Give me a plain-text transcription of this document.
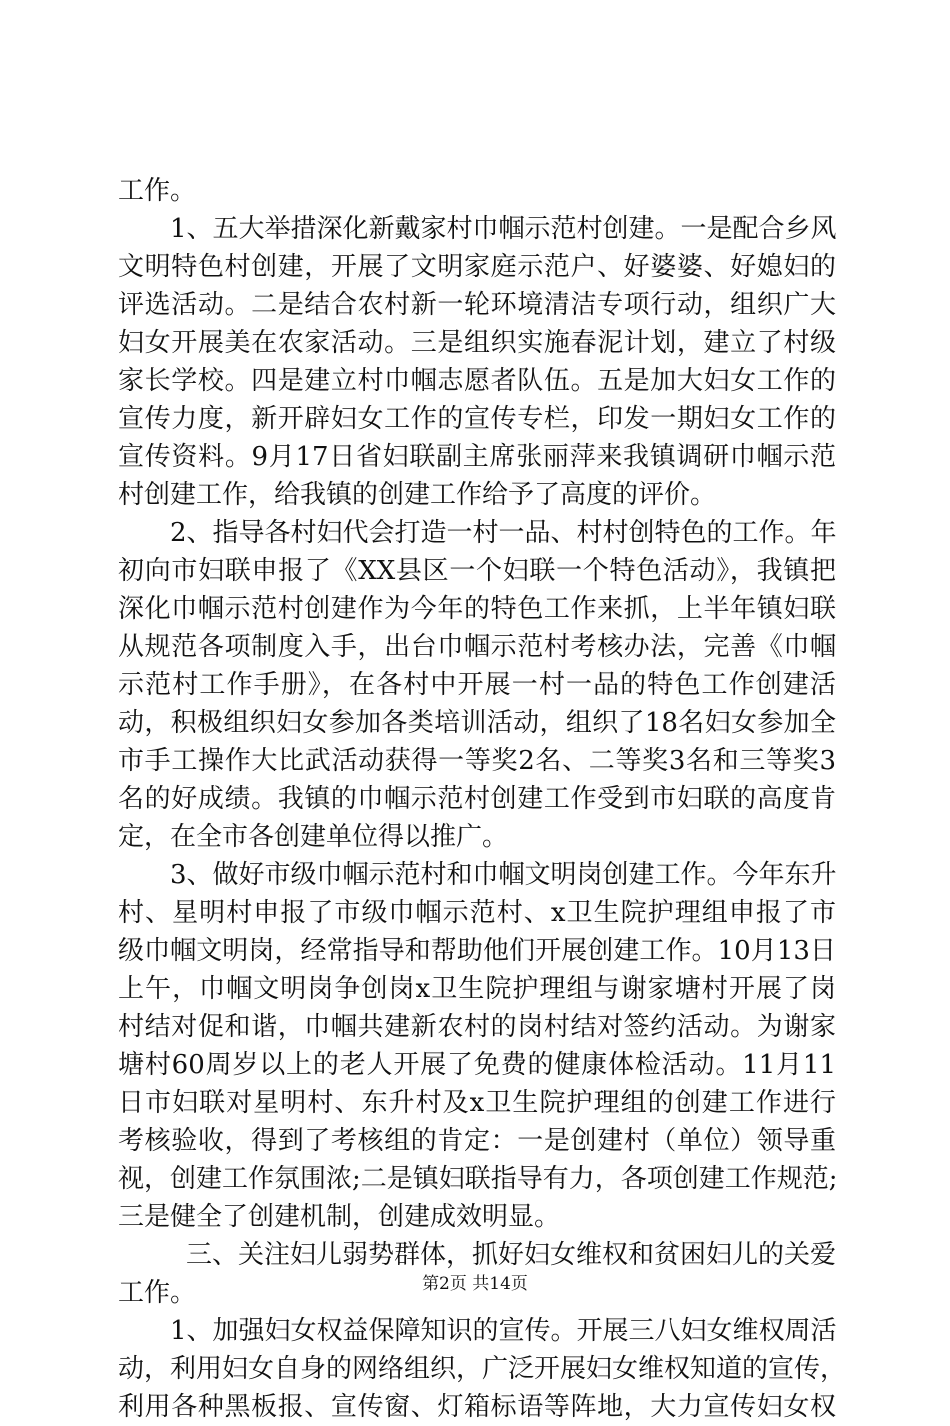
工作。
1、五大举措深化新戴家村巾帼示范村创建。一是配合乡风
文明特色村创建，开展了文明家庭示范户、好婆婆、好媳妇的
评选活动。二是结合农村新一轮环境清洁专项行动，组织广大
妇女开展美在农家活动。三是组织实施春泥计划，建立了村级
家长学校。四是建立村巾帼志愿者队伍。五是加大妇女工作的
宣传力度，新开辟妇女工作的宣传专栏，印发一期妇女工作的
宣传资料。9月17日省妇联副主席张丽萍来我镇调研巾帼示范
村创建工作，给我镇的创建工作给予了高度的评价。
2、指导各村妇代会打造一村一品、村村创特色的工作。年
初向市妇联申报了《XX县区一个妇联一个特色活动》，我镇把
深化巾帼示范村创建作为今年的特色工作来抓，上半年镇妇联
从规范各项制度入手，出台巾帼示范村考核办法，完善《巾帼
示范村工作手册》，在各村中开展一村一品的特色工作创建活
动，积极组织妇女参加各类培训活动，组织了18名妇女参加全
市手工操作大比武活动获得一等奖2名、二等奖3名和三等奖3
名的好成绩。我镇的巾帼示范村创建工作受到市妇联的高度肯
定，在全市各创建单位得以推广。
3、做好市级巾帼示范村和巾帼文明岗创建工作。今年东升
村、星明村申报了市级巾帼示范村、x卫生院护理组申报了市
级巾帼文明岗，经常指导和帮助他们开展创建工作。10月13日
上午，巾帼文明岗争创岗x卫生院护理组与谢家塘村开展了岗
村结对促和谐，巾帼共建新农村的岗村结对签约活动。为谢家
塘村60周岁以上的老人开展了免费的健康体检活动。11月11
日市妇联对星明村、东升村及x卫生院护理组的创建工作进行
考核验收，得到了考核组的肯定：一是创建村（单位）领导重
视，创建工作氛围浓;二是镇妇联指导有力，各项创建工作规范;
三是健全了创建机制，创建成效明显。
三、关注妇儿弱势群体，抓好妇女维权和贫困妇儿的关爱
工作。
1、加强妇女权益保障知识的宣传。开展三八妇女维权周活
动，利用妇女自身的网络组织，广泛开展妇女维权知道的宣传，
利用各种黑板报、宣传窗、灯箱标语等阵地，大力宣传妇女权
第2页 共14页
